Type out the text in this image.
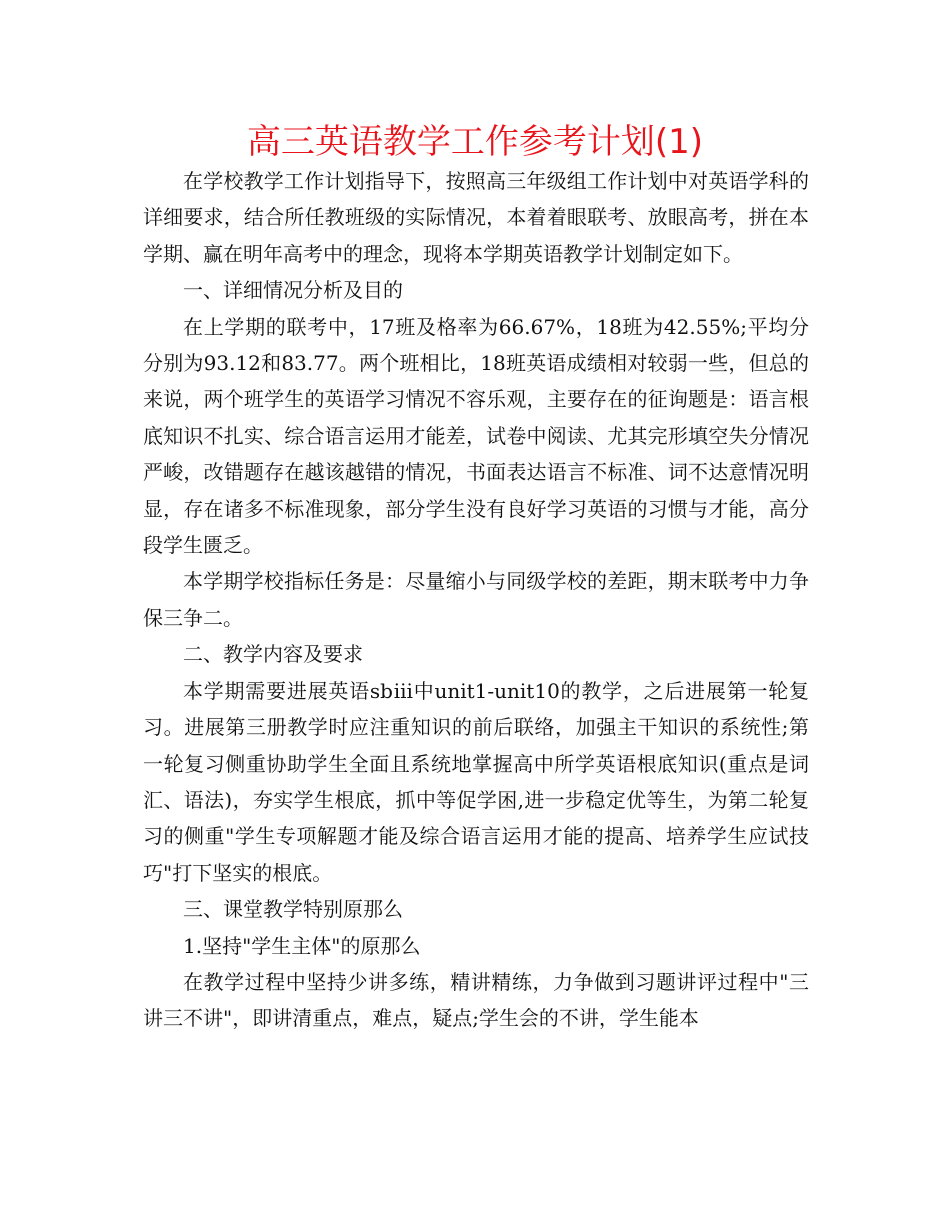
高三英语教学工作参考计划(1)

在学校教学工作计划指导下，按照高三年级组工作计划中对英语学科的详细要求，结合所任教班级的实际情况，本着着眼联考、放眼高考，拼在本学期、赢在明年高考中的理念，现将本学期英语教学计划制定如下。

一、详细情况分析及目的

在上学期的联考中，17班及格率为66.67%，18班为42.55%;平均分分别为93.12和83.77。两个班相比，18班英语成绩相对较弱一些，但总的来说，两个班学生的英语学习情况不容乐观，主要存在的征询题是：语言根底知识不扎实、综合语言运用才能差，试卷中阅读、尤其完形填空失分情况严峻，改错题存在越该越错的情况，书面表达语言不标准、词不达意情况明显，存在诸多不标准现象，部分学生没有良好学习英语的习惯与才能，高分段学生匮乏。

本学期学校指标任务是：尽量缩小与同级学校的差距，期末联考中力争保三争二。

二、教学内容及要求

本学期需要进展英语sbⅲ中unit1-unit10的教学，之后进展第一轮复习。进展第三册教学时应注重知识的前后联络，加强主干知识的系统性;第一轮复习侧重协助学生全面且系统地掌握高中所学英语根底知识(重点是词汇、语法)，夯实学生根底，抓中等促学困,进一步稳定优等生，为第二轮复习的侧重"学生专项解题才能及综合语言运用才能的提高、培养学生应试技巧"打下坚实的根底。

三、课堂教学特别原那么

1.坚持"学生主体"的原那么

在教学过程中坚持少讲多练，精讲精练，力争做到习题讲评过程中"三讲三不讲"，即讲清重点，难点，疑点;学生会的不讲，学生能本
